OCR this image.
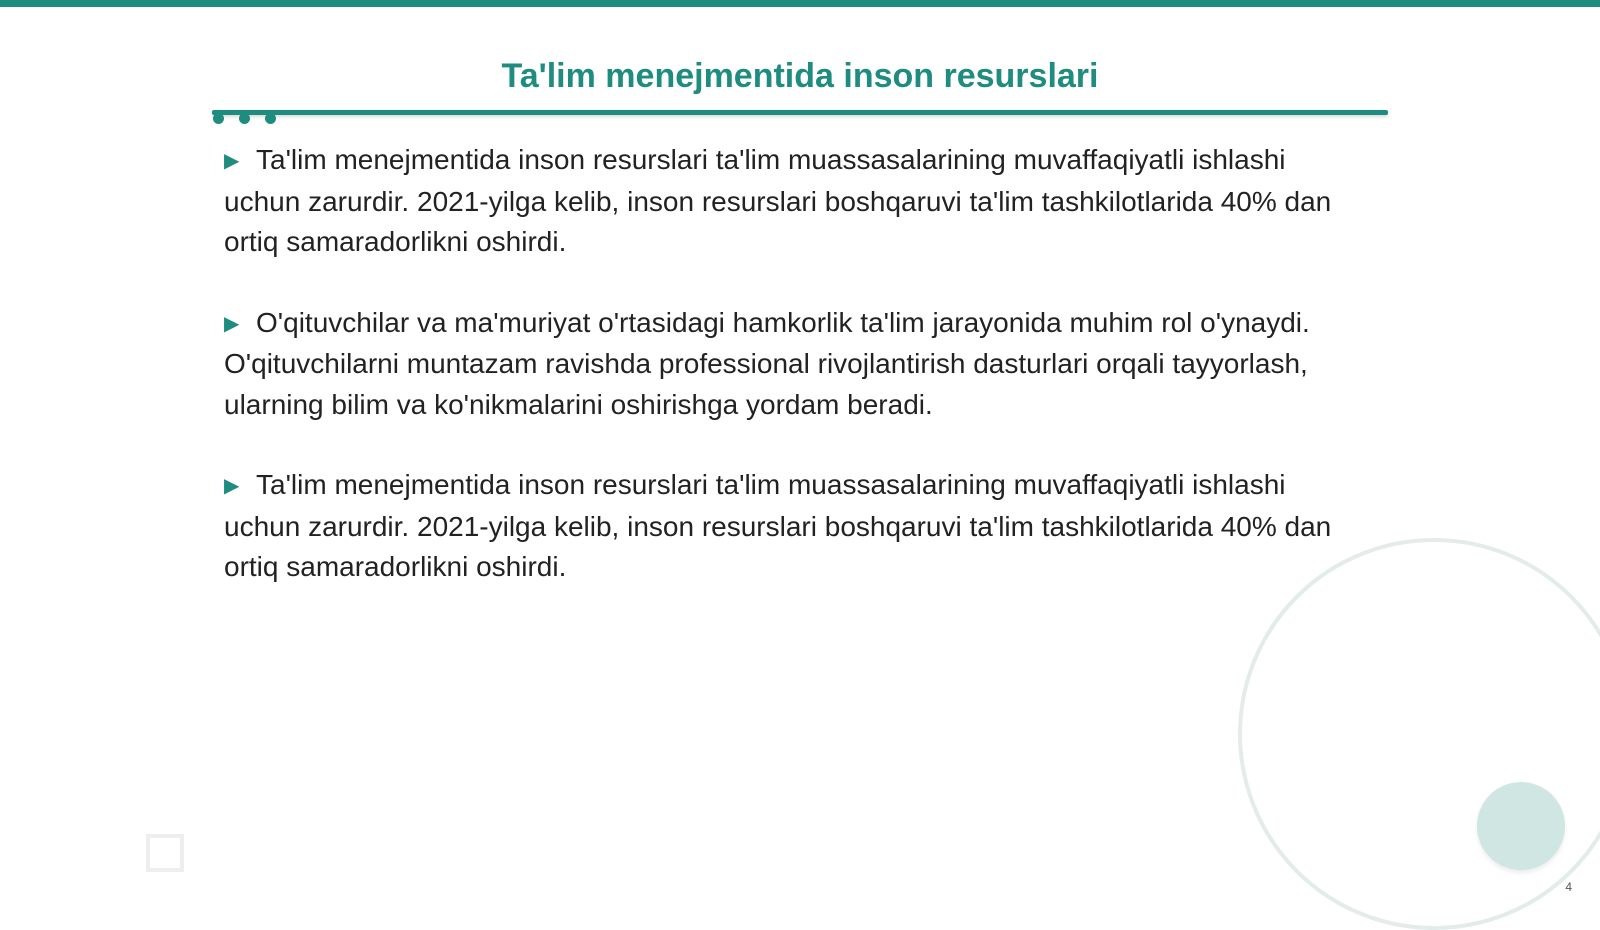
Ta'lim menejmentida inson resurslari

▶ Ta'lim menejmentida inson resurslari ta'lim muassasalarining muvaffaqiyatli ishlashi uchun zarurdir. 2021-yilga kelib, inson resurslari boshqaruvi ta'lim tashkilotlarida 40% dan ortiq samaradorlikni oshirdi.

▶ O'qituvchilar va ma'muriyat o'rtasidagi hamkorlik ta'lim jarayonida muhim rol o'ynaydi. O'qituvchilarni muntazam ravishda professional rivojlantirish dasturlari orqali tayyorlash, ularning bilim va ko'nikmalarini oshirishga yordam beradi.

▶ Ta'lim menejmentida inson resurslari ta'lim muassasalarining muvaffaqiyatli ishlashi uchun zarurdir. 2021-yilga kelib, inson resurslari boshqaruvi ta'lim tashkilotlarida 40% dan ortiq samaradorlikni oshirdi.

4
